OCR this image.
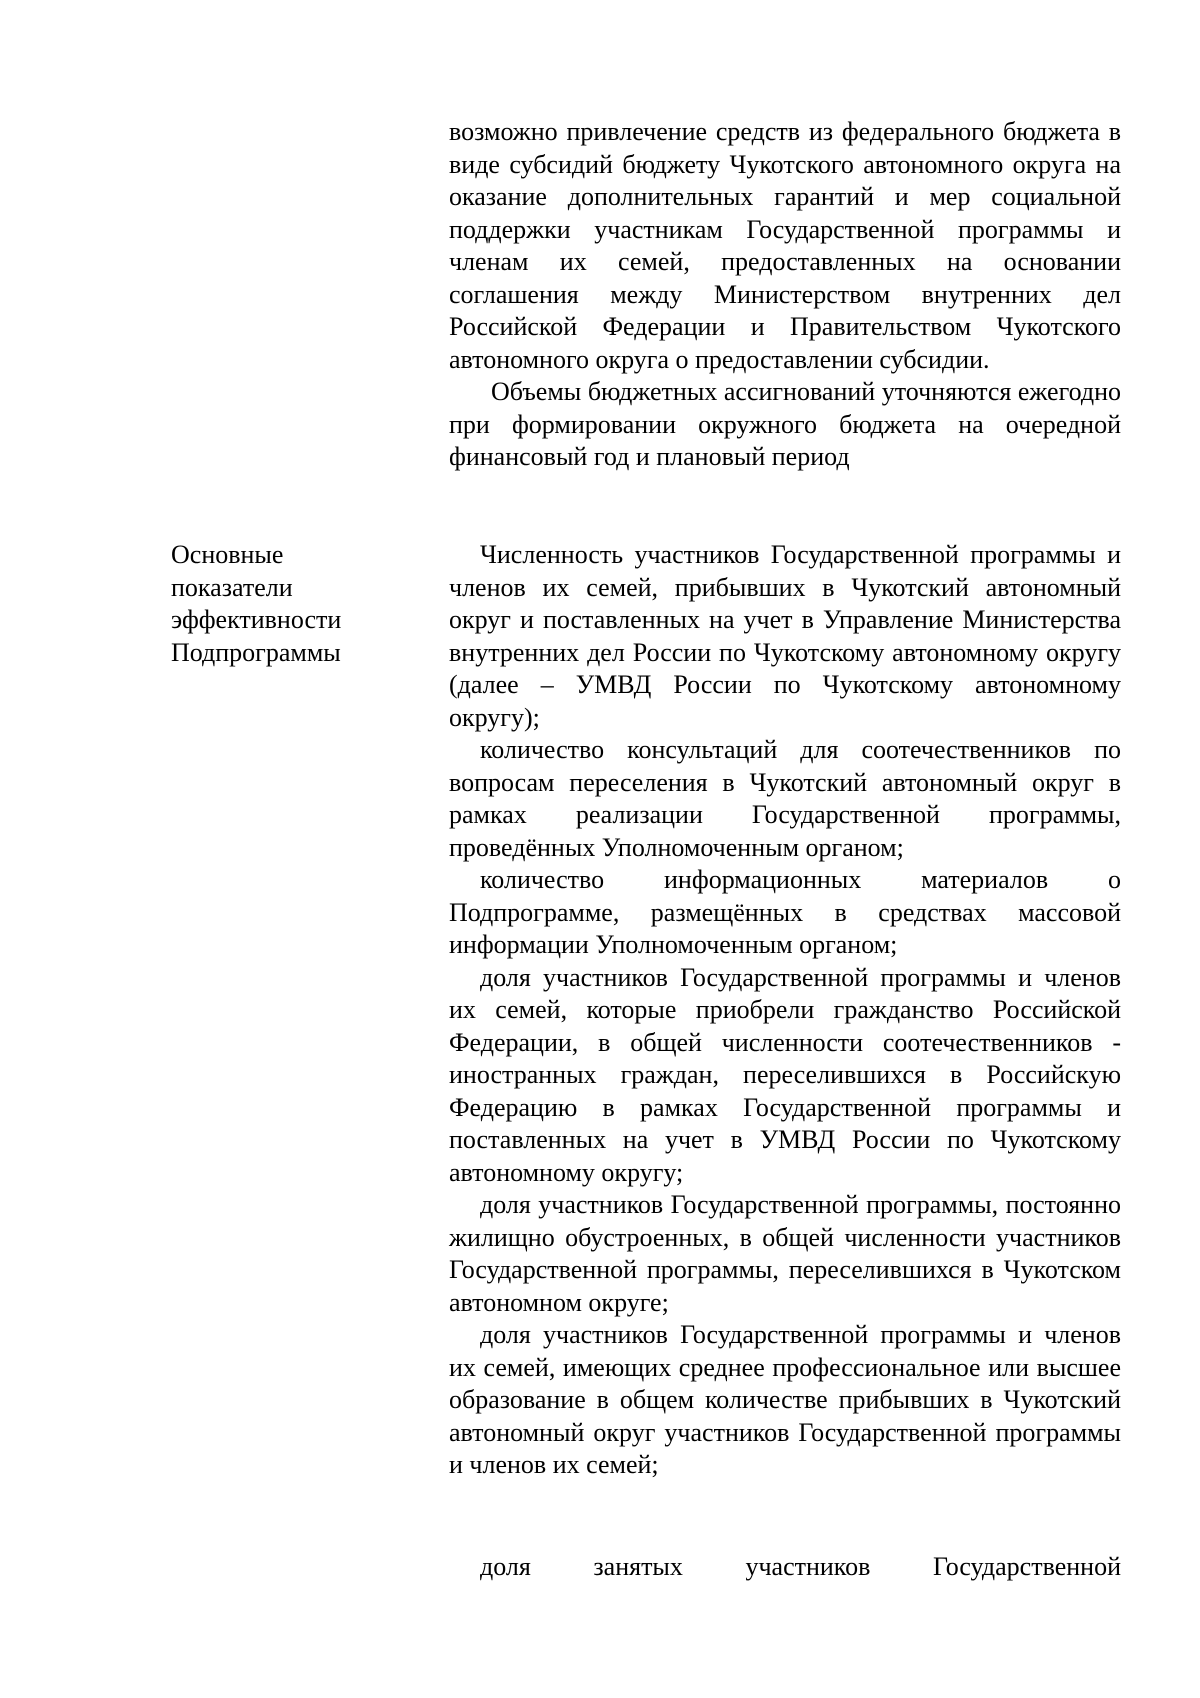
возможно привлечение средств из федерального бюджета в виде субсидий бюджету Чукотского автономного округа на оказание дополнительных гарантий и мер социальной поддержки участникам Государственной программы и членам их семей, предоставленных на основании соглашения между Министерством внутренних дел Российской Федерации и Правительством Чукотского автономного округа о предоставлении субсидии.

Объемы бюджетных ассигнований уточняются ежегодно при формировании окружного бюджета на очередной финансовый год и плановый период

Основные
показатели
эффективности
Подпрограммы

Численность участников Государственной программы и членов их семей, прибывших в Чукотский автономный округ и поставленных на учет в Управление Министерства внутренних дел России по Чукотскому автономному округу (далее – УМВД России по Чукотскому автономному округу);

количество консультаций для соотечественников по вопросам переселения в Чукотский автономный округ в рамках реализации Государственной программы, проведённых Уполномоченным органом;

количество информационных материалов о Подпрограмме, размещённых в средствах массовой информации Уполномоченным органом;

доля участников Государственной программы и членов их семей, которые приобрели гражданство Российской Федерации, в общей численности соотечественников - иностранных граждан, переселившихся в Российскую Федерацию в рамках Государственной программы и поставленных на учет в УМВД России по Чукотскому автономному округу;

доля участников Государственной программы, постоянно жилищно обустроенных, в общей численности участников Государственной программы, переселившихся в Чукотском автономном округе;

доля участников Государственной программы и членов их семей, имеющих среднее профессиональное или высшее образование в общем количестве прибывших в Чукотский автономный округ участников Государственной программы и членов их семей;

доля занятых участников Государственной
